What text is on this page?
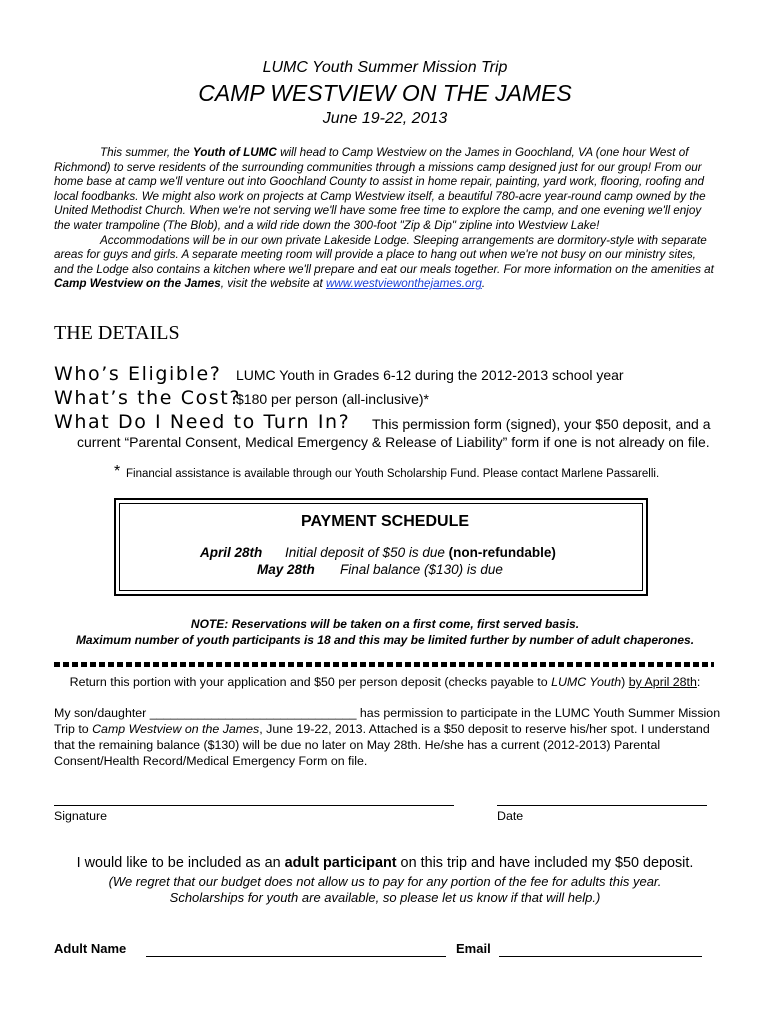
LUMC Youth Summer Mission Trip
CAMP WESTVIEW ON THE JAMES
June 19-22, 2013

This summer, the Youth of LUMC will head to Camp Westview on the James in Goochland, VA (one hour West of Richmond) to serve residents of the surrounding communities through a missions camp designed just for our group! From our home base at camp we'll venture out into Goochland County to assist in home repair, painting, yard work, flooring, roofing and local foodbanks. We might also work on projects at Camp Westview itself, a beautiful 780-acre year-round camp owned by the United Methodist Church. When we're not serving we'll have some free time to explore the camp, and one evening we'll enjoy the water trampoline (The Blob), and a wild ride down the 300-foot "Zip & Dip" zipline into Westview Lake!

Accommodations will be in our own private Lakeside Lodge. Sleeping arrangements are dormitory-style with separate areas for guys and girls. A separate meeting room will provide a place to hang out when we're not busy on our ministry sites, and the Lodge also contains a kitchen where we'll prepare and eat our meals together. For more information on the amenities at Camp Westview on the James, visit the website at www.westviewonthejames.org.

THE DETAILS
Who’s Eligible? LUMC Youth in Grades 6-12 during the 2012-2013 school year
What’s the Cost?
$180 per person (all-inclusive)*
What Do I Need to Turn In? This permission form (signed), your $50 deposit, and a
current “Parental Consent, Medical Emergency & Release of Liability” form if one is not already on file.
* Financial assistance is available through our Youth Scholarship Fund. Please contact Marlene Passarelli.
PAYMENT SCHEDULE
April 28th Initial deposit of $50 is due (non-refundable)
May 28th Final balance ($130) is due
NOTE: Reservations will be taken on a first come, first served basis.
Maximum number of youth participants is 18 and this may be limited further by number of adult chaperones.
Return this portion with your application and $50 per person deposit (checks payable to LUMC Youth) by April 28th:
My son/daughter ______________________________ has permission to participate in the LUMC Youth Summer Mission Trip to Camp Westview on the James, June 19-22, 2013. Attached is a $50 deposit to reserve his/her spot. I understand that the remaining balance ($130) will be due no later on May 28th. He/she has a current (2012-2013) Parental Consent/Health Record/Medical Emergency Form on file.
Signature	Date
I would like to be included as an adult participant on this trip and have included my $50 deposit.
(We regret that our budget does not allow us to pay for any portion of the fee for adults this year.
Scholarships for youth are available, so please let us know if that will help.)
Adult Name	Email
